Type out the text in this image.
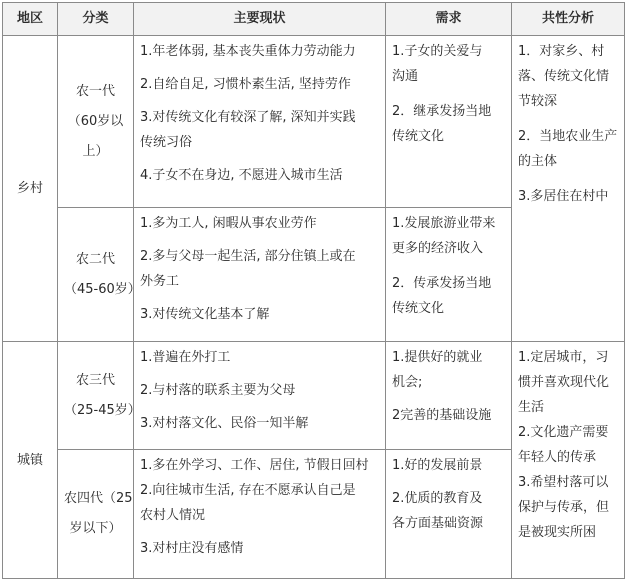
地区	分类	主要现状	需求	共性分析
乡村	农一代
（60岁以
上）	1.年老体弱, 基本丧失重体力劳动能力
2.自给自足, 习惯朴素生活, 坚持劳作
3.对传统文化有较深了解, 深知并实践
传统习俗
4.子女不在身边, 不愿进入城市生活	1.子女的关爱与
沟通
2．继承发扬当地
传统文化	1．对家乡、村落、传统文化情节较深
2．当地农业生产的主体
3.多居住在村中

	农二代
（45-60岁）	1.多为工人, 闲暇从事农业劳作
2.多与父母一起生活, 部分住镇上或在
外务工
3.对传统文化基本了解	1.发展旅游业带来
更多的经济收入
2．传承发扬当地
传统文化	

城镇	农三代
（25-45岁）	1.普遍在外打工
2.与村落的联系主要为父母
3.对村落文化、民俗一知半解	1.提供好的就业
机会;
2完善的基础设施	1.定居城市，习惯并喜欢现代化生活
2.文化遗产需要年轻人的传承
3.希望村落可以保护与传承，但是被现实所困

	农四代（25
岁以下）	1.多在外学习、工作、居住, 节假日回村
2.向往城市生活, 存在不愿承认自己是
农村人情况
3.对村庄没有感情	1.好的发展前景
2.优质的教育及
各方面基础资源	
